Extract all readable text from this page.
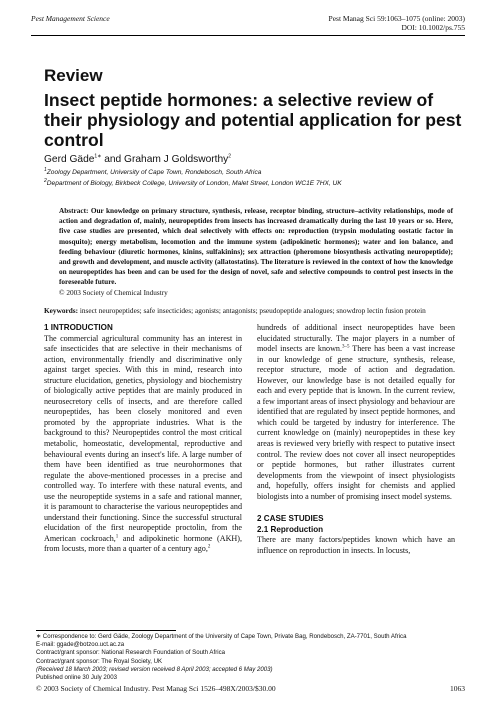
Pest Management Science	Pest Manag Sci 59:1063–1075 (online: 2003)
DOI: 10.1002/ps.755
Review
Insect peptide hormones: a selective review of their physiology and potential application for pest control
Gerd Gäde$^{1∗}$ and Graham J Goldsworthy$^2$
$^1$Zoology Department, University of Cape Town, Rondebosch, South Africa
$^2$Department of Biology, Birkbeck College, University of London, Malet Street, London WC1E 7HX, UK
Abstract: Our knowledge on primary structure, synthesis, release, receptor binding, structure–activity relationships, mode of action and degradation of, mainly, neuropeptides from insects has increased dramatically during the last 10 years or so. Here, five case studies are presented, which deal selectively with effects on: reproduction (trypsin modulating oostatic factor in mosquito); energy metabolism, locomotion and the immune system (adipokinetic hormones); water and ion balance, and feeding behaviour (diuretic hormones, kinins, sulfakinins); sex attraction (pheromone biosynthesis activating neuropeptide); and growth and development, and muscle activity (allatostatins). The literature is reviewed in the context of how the knowledge on neuropeptides has been and can be used for the design of novel, safe and selective compounds to control pest insects in the foreseeable future.
© 2003 Society of Chemical Industry
Keywords: insect neuropeptides; safe insecticides; agonists; antagonists; pseudopeptide analogues; snowdrop lectin fusion protein

1 INTRODUCTION

The commercial agricultural community has an interest in safe insecticides that are selective in their mechanisms of action, environmentally friendly and discriminative only against target species. With this in mind, research into structure elucidation, genetics, physiology and biochemistry of biologically active peptides that are mainly produced in neurosecretory cells of insects, and are therefore called neuropeptides, has been closely monitored and even promoted by the appropriate industries. What is the background to this? Neuropeptides control the most critical metabolic, homeostatic, developmental, reproductive and behavioural events during an insect's life. A large number of them have been identified as true neurohormones that regulate the above-mentioned processes in a precise and controlled way. To interfere with these natural events, and use the neuropeptide systems in a safe and rational manner, it is paramount to characterise the various neuropeptides and understand their functioning. Since the successful structural elucidation of the first neuropeptide proctolin, from the American cockroach,$^1$ and adipokinetic hormone (AKH), from locusts, more than a quarter of a century ago,$^2$

hundreds of additional insect neuropeptides have been elucidated structurally. The major players in a number of model insects are known.$^{3-5}$ There has been a vast increase in our knowledge of gene structure, synthesis, release, receptor structure, mode of action and degradation. However, our knowledge base is not detailed equally for each and every peptide that is known. In the current review, a few important areas of insect physiology and behaviour are identified that are regulated by insect peptide hormones, and which could be targeted by industry for interference. The current knowledge on (mainly) neuropeptides in these key areas is reviewed very briefly with respect to putative insect control. The review does not cover all insect neuropeptides or peptide hormones, but rather illustrates current developments from the viewpoint of insect physiologists and, hopefully, offers insight for chemists and applied biologists into a number of promising insect model systems.

2 CASE STUDIES

2.1 Reproduction

There are many factors/peptides known which have an influence on reproduction in insects. In locusts,

∗ Correspondence to: Gerd Gäde, Zoology Department of the University of Cape Town, Private Bag, Rondebosch, ZA-7701, South Africa
E-mail: ggade@botzoo.uct.ac.za
Contract/grant sponsor: National Research Foundation of South Africa
Contract/grant sponsor: The Royal Society, UK
(Received 18 March 2003; revised version received 8 April 2003; accepted 6 May 2003)
Published online 30 July 2003
© 2003 Society of Chemical Industry. Pest Manag Sci 1526–498X/2003/$30.00	1063
